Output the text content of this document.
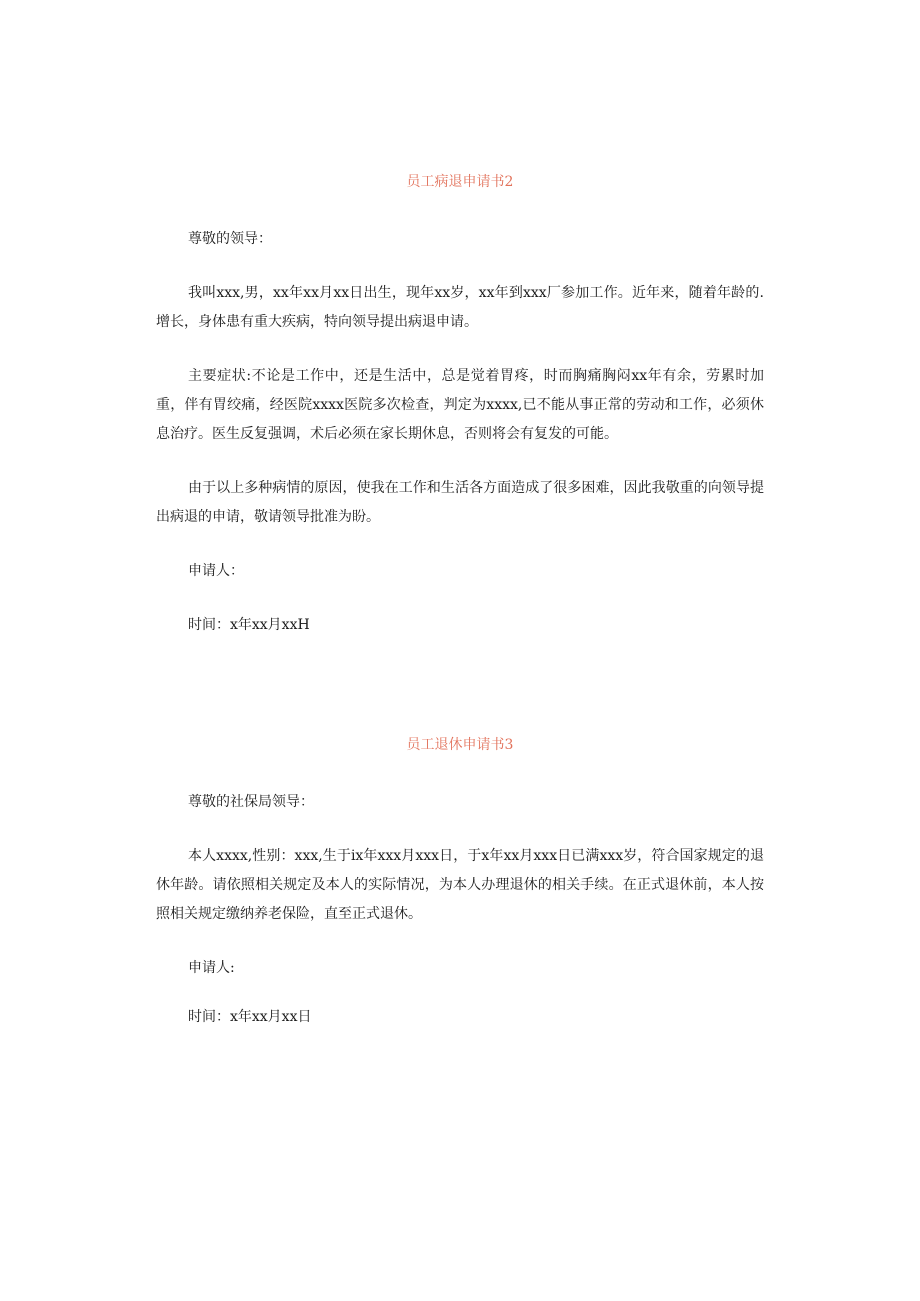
员工病退申请书2

尊敬的领导：

我叫xxx,男，xx年xx月xx日出生，现年xx岁，xx年到xxx厂参加工作。近年来，随着年龄的.增长，身体患有重大疾病，特向领导提出病退申请。

主要症状:不论是工作中，还是生活中，总是觉着胃疼，时而胸痛胸闷xx年有余，劳累时加重，伴有胃绞痛，经医院xxxx医院多次检查，判定为xxxx,已不能从事正常的劳动和工作，必须休息治疗。医生反复强调，术后必须在家长期休息，否则将会有复发的可能。

由于以上多种病情的原因，使我在工作和生活各方面造成了很多困难，因此我敬重的向领导提出病退的申请，敬请领导批准为盼。

申请人：

时间：x年xx月xxH

员工退休申请书3

尊敬的社保局领导：

本人xxxx,性别：xxx,生于ix年xxx月xxx日，于x年xx月xxx日已满xxx岁，符合国家规定的退休年龄。请依照相关规定及本人的实际情况，为本人办理退休的相关手续。在正式退休前，本人按照相关规定缴纳养老保险，直至正式退休。

申请人:

时间：x年xx月xx日
